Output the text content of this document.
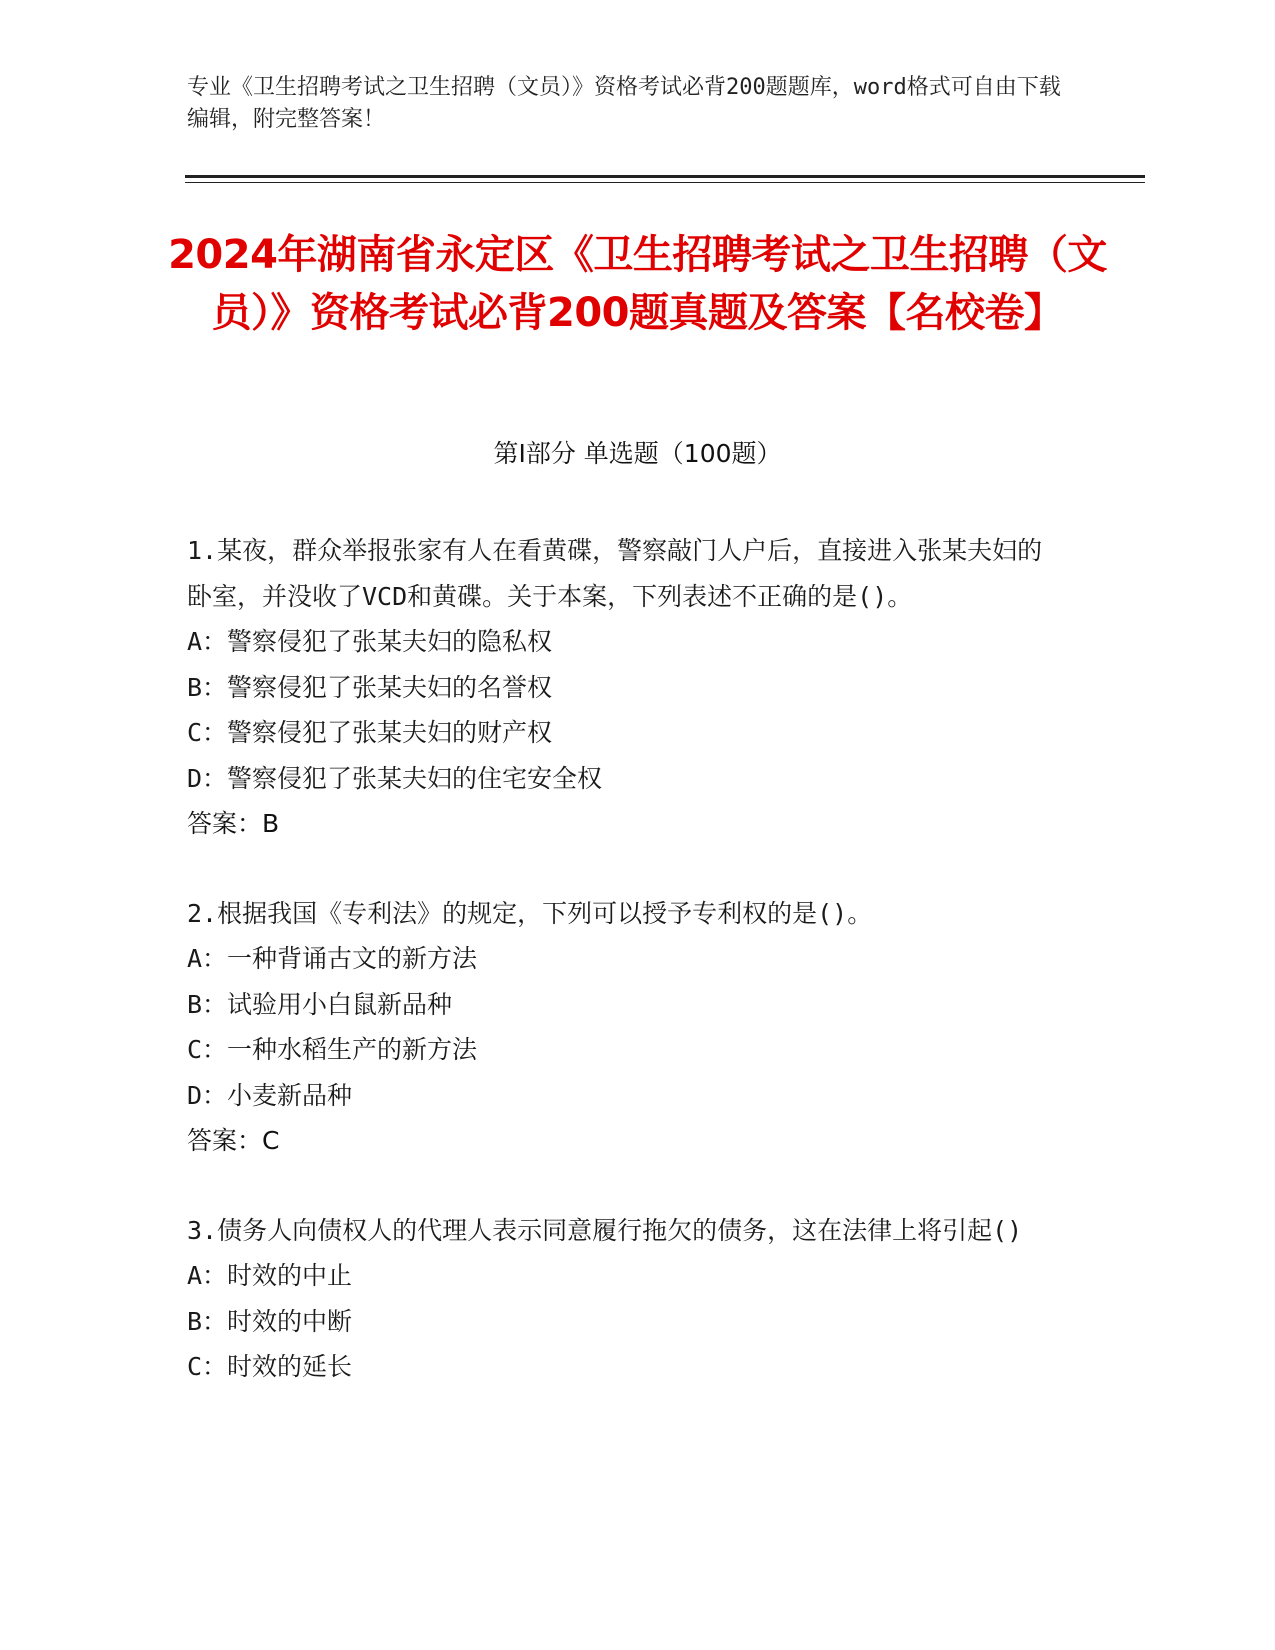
专业《卫生招聘考试之卫生招聘（文员）》资格考试必背200题题库，word格式可自由下载编辑，附完整答案！
2024年湖南省永定区《卫生招聘考试之卫生招聘（文员）》资格考试必背200题真题及答案【名校卷】
第Ⅰ部分 单选题（100题）

1.某夜，群众举报张家有人在看黄碟，警察敲门人户后，直接进入张某夫妇的卧室，并没收了VCD和黄碟。关于本案，下列表述不正确的是()。

A：警察侵犯了张某夫妇的隐私权

B：警察侵犯了张某夫妇的名誉权

C：警察侵犯了张某夫妇的财产权

D：警察侵犯了张某夫妇的住宅安全权

答案：B

2.根据我国《专利法》的规定，下列可以授予专利权的是()。

A：一种背诵古文的新方法

B：试验用小白鼠新品种

C：一种水稻生产的新方法

D：小麦新品种

答案：C

3.债务人向债权人的代理人表示同意履行拖欠的债务，这在法律上将引起()

A：时效的中止

B：时效的中断

C：时效的延长
